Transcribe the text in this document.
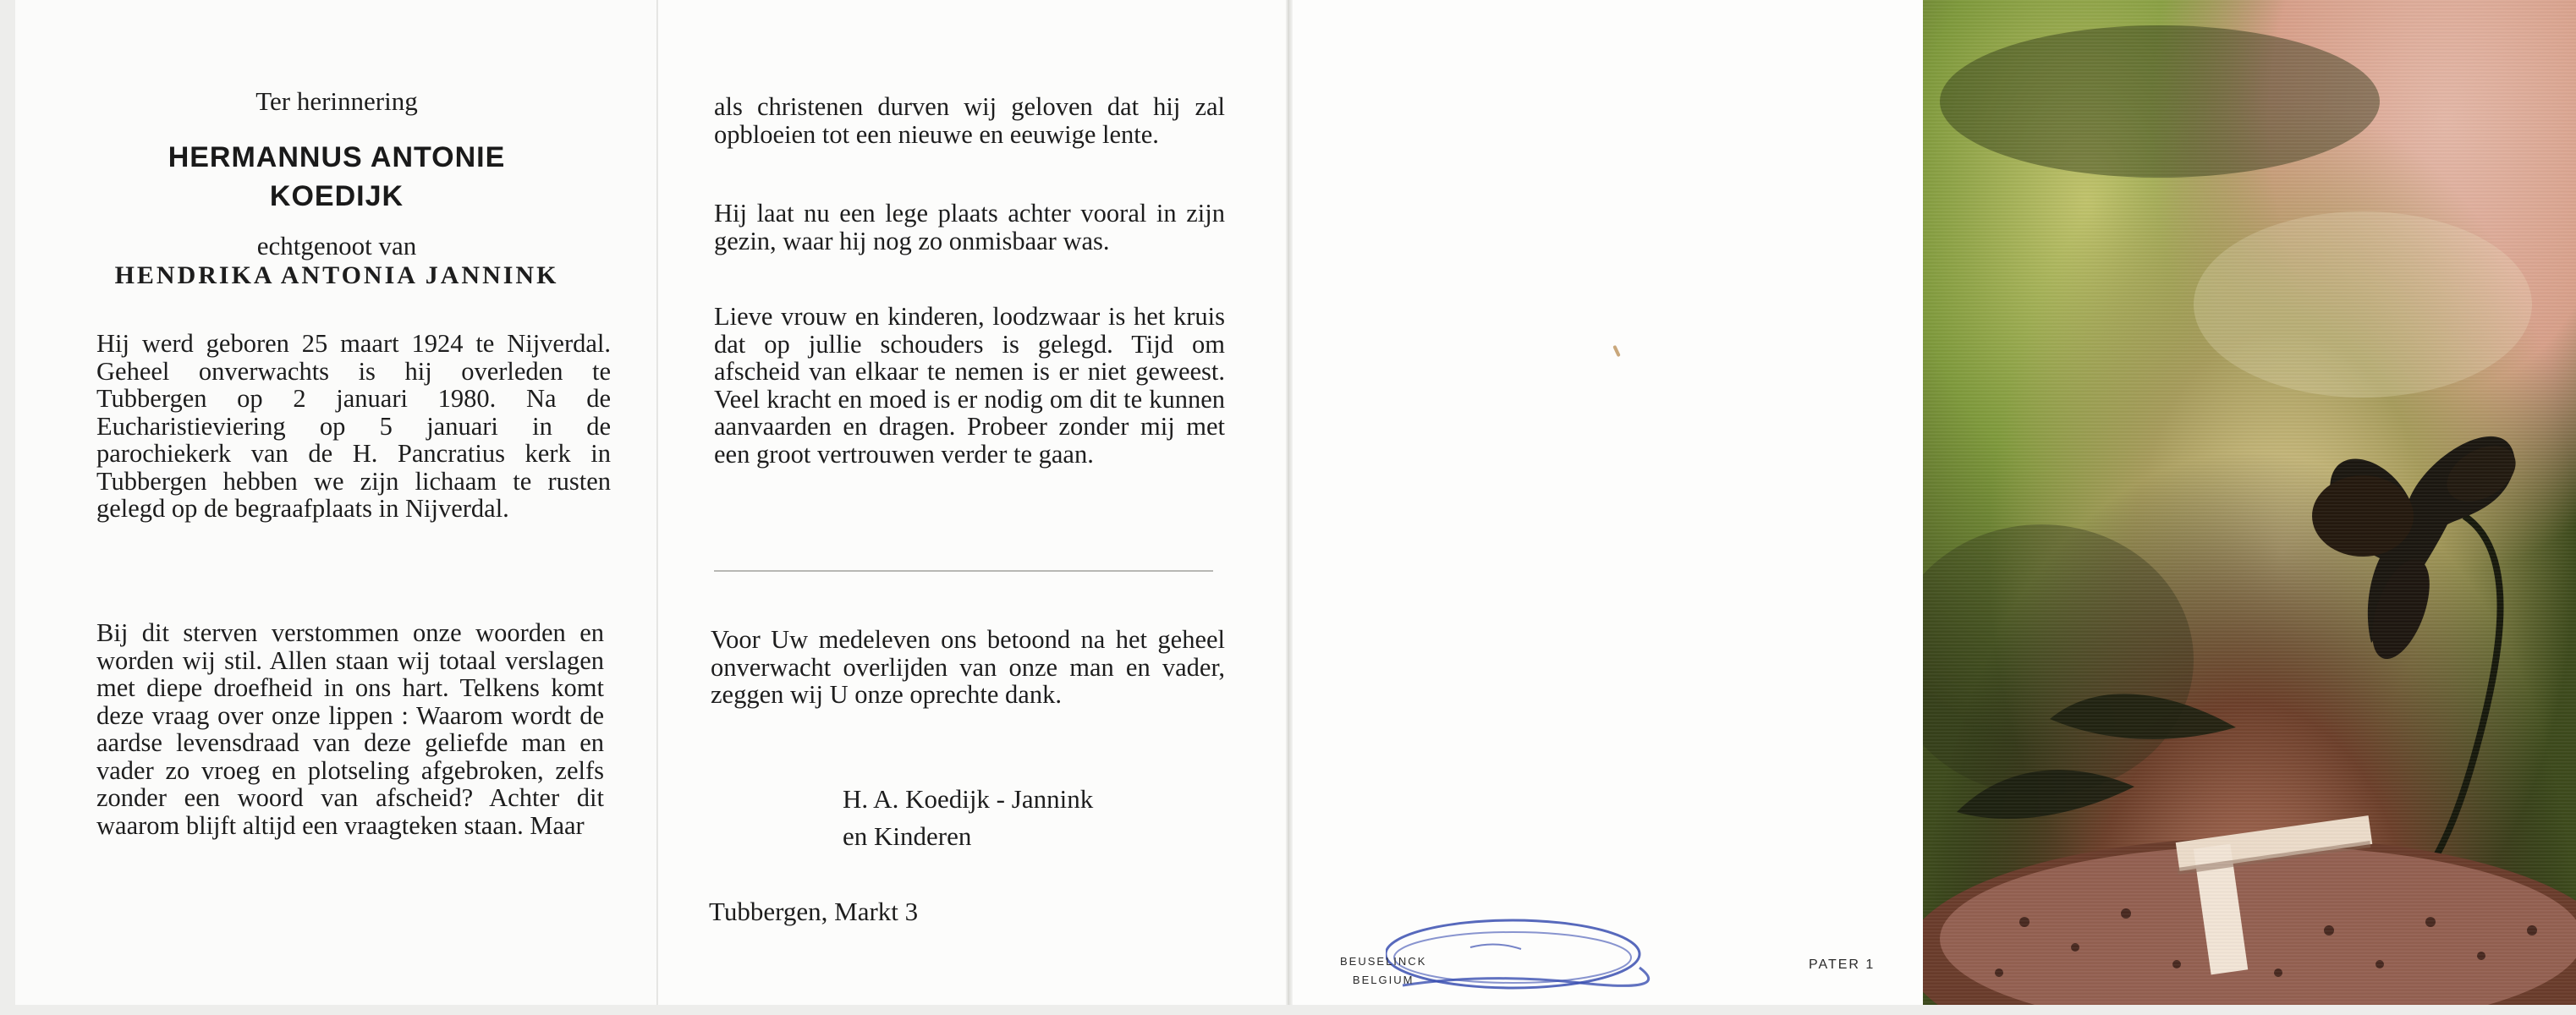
Ter herinnering
HERMANNUS ANTONIE
KOEDIJK
echtgenoot van
HENDRIKA ANTONIA JANNINK

Hij werd geboren 25 maart 1924 te Nijverdal. Geheel onverwachts is hij overleden te Tubbergen op 2 januari 1980. Na de Eucharistieviering op 5 januari in de parochiekerk van de H. Pancratius kerk in Tubbergen hebben we zijn lichaam te rusten gelegd op de begraafplaats in Nijverdal.

Bij dit sterven verstommen onze woorden en worden wij stil. Allen staan wij totaal verslagen met diepe droefheid in ons hart. Telkens komt deze vraag over onze lippen : Waarom wordt de aardse levensdraad van deze geliefde man en vader zo vroeg en plotseling afgebroken, zelfs zonder een woord van afscheid? Achter dit waarom blijft altijd een vraagteken staan. Maar

als christenen durven wij geloven dat hij zal opbloeien tot een nieuwe en eeuwige lente.

Hij laat nu een lege plaats achter vooral in zijn gezin, waar hij nog zo onmisbaar was.

Lieve vrouw en kinderen, loodzwaar is het kruis dat op jullie schouders is gelegd. Tijd om afscheid van elkaar te nemen is er niet geweest. Veel kracht en moed is er nodig om dit te kunnen aanvaarden en dragen. Probeer zonder mij met een groot vertrouwen verder te gaan.

Voor Uw medeleven ons betoond na het geheel onverwacht overlijden van onze man en vader, zeggen wij U onze oprechte dank.

H. A. Koedijk - Jannink
en Kinderen
Tubbergen, Markt 3
BEUSELINCK
BELGIUM
PATER 1
